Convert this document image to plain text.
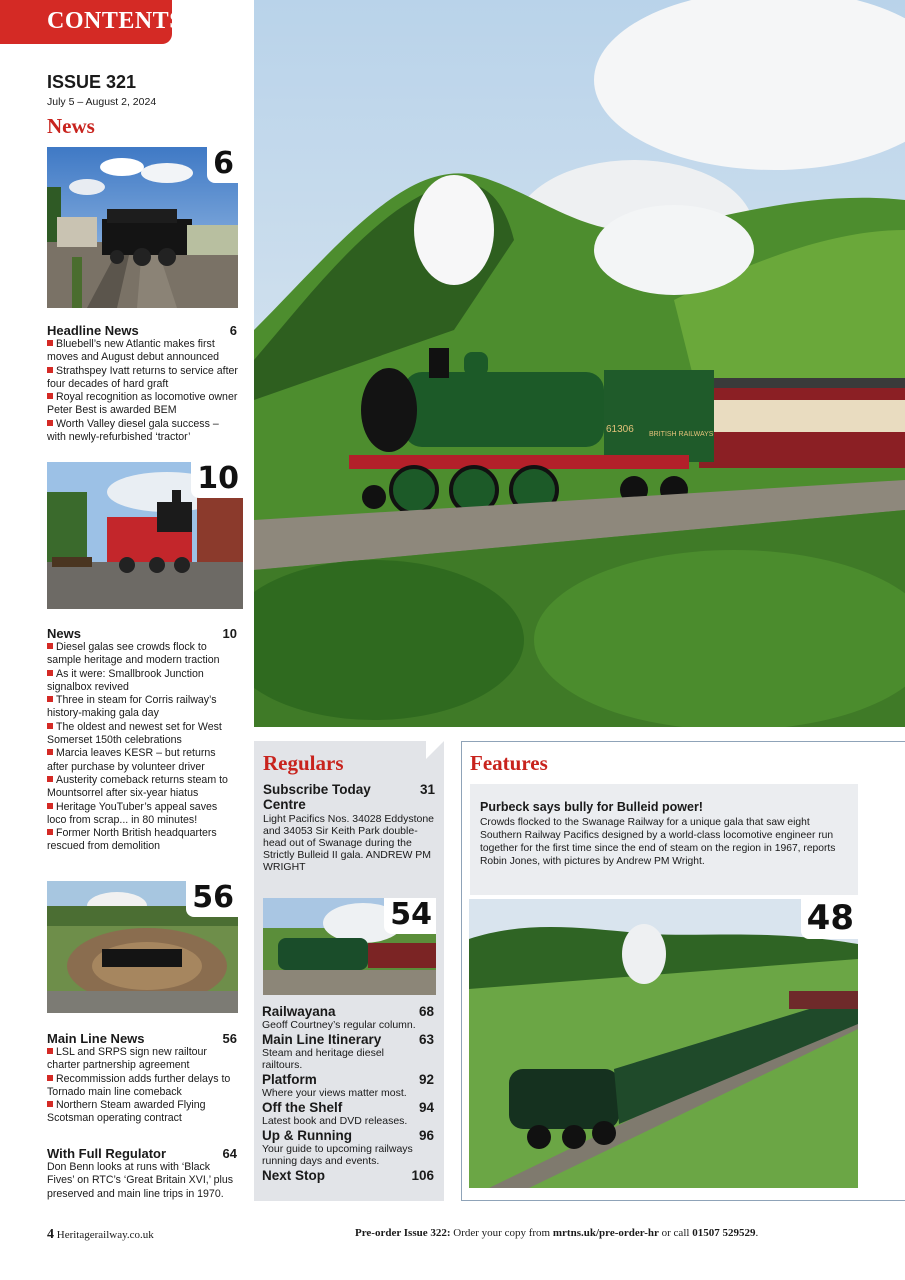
CONTENTS
ISSUE 321
July 5 – August 2, 2024
News
6
Headline News	6
Bluebell’s new Atlantic makes first moves and August debut announced
Strathspey Ivatt returns to service after four decades of hard graft
Royal recognition as locomotive owner Peter Best is awarded BEM
Worth Valley diesel gala success – with newly-refurbished ‘tractor’
10
News	10
Diesel galas see crowds flock to sample heritage and modern traction
As it were: Smallbrook Junction signalbox revived
Three in steam for Corris railway’s history-making gala day
The oldest and newest set for West Somerset 150th celebrations
Marcia leaves KESR – but returns after purchase by volunteer driver
Austerity comeback returns steam to Mountsorrel after six-year hiatus
Heritage YouTuber’s appeal saves loco from scrap... in 80 minutes!
Former North British headquarters rescued from demolition
56
Main Line News	56
LSL and SRPS sign new railtour charter partnership agreement
Recommission adds further delays to Tornado main line comeback
Northern Steam awarded Flying Scotsman operating contract
With Full Regulator	64
Don Benn looks at runs with ‘Black Fives’ on RTC’s ‘Great Britain XVI,’ plus preserved and main line trips in 1970.
61306 BRITISH RAILWAYS
Regulars
Subscribe Today	31
Centre
Light Pacifics Nos. 34028 Eddystone and 34053 Sir Keith Park double-head out of Swanage during the Strictly Bulleid II gala. ANDREW PM WRIGHT
54
Railwayana	68
Geoff Courtney’s regular column.
Main Line Itinerary	63
Steam and heritage diesel railtours.
Platform	92
Where your views matter most.
Off the Shelf	94
Latest book and DVD releases.
Up & Running	96
Your guide to upcoming railways running days and events.
Next Stop	106
Features
Purbeck says bully for Bulleid power!
Crowds flocked to the Swanage Railway for a unique gala that saw eight Southern Railway Pacifics designed by a world-class locomotive engineer run together for the first time since the end of steam on the region in 1967, reports Robin Jones, with pictures by Andrew PM Wright.
48
4 Heritagerailway.co.uk	Pre-order Issue 322: Order your copy from mrtns.uk/pre-order-hr or call 01507 529529.
